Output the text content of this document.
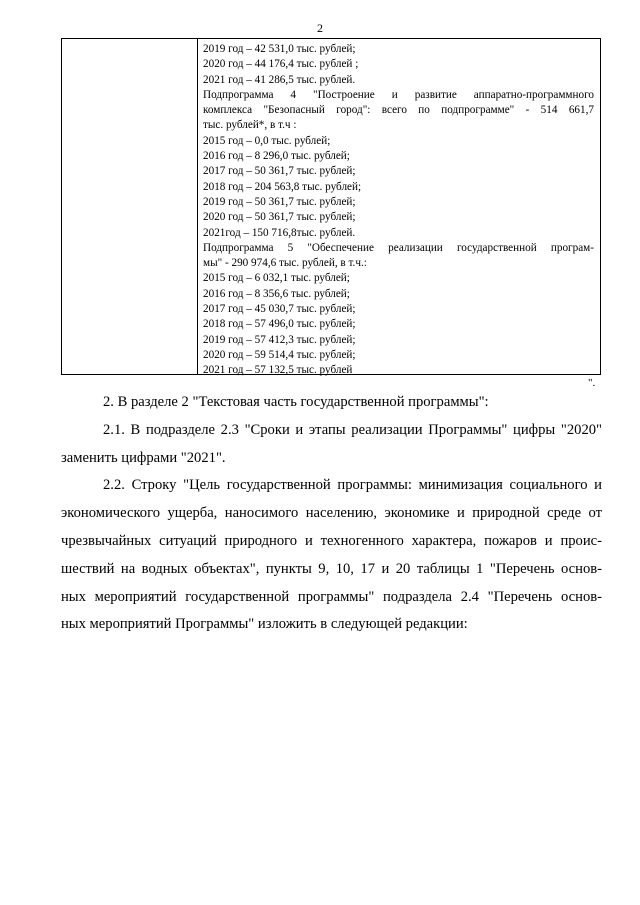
2
2019 год – 42 531,0 тыс. рублей;
2020 год – 44 176,4 тыс. рублей ;
2021 год – 41 286,5 тыс. рублей.
Подпрограмма 4 "Построение и развитие аппаратно-программного
комплекса "Безопасный город": всего по подпрограмме" - 514 661,7
тыс. рублей*, в т.ч :
2015 год – 0,0 тыс. рублей;
2016 год – 8 296,0 тыс. рублей;
2017 год – 50 361,7 тыс. рублей;
2018 год – 204 563,8 тыс. рублей;
2019 год – 50 361,7 тыс. рублей;
2020 год – 50 361,7 тыс. рублей;
2021год – 150 716,8тыс. рублей.
Подпрограмма 5 "Обеспечение реализации государственной програм-
мы" - 290 974,6 тыс. рублей, в т.ч.:
2015 год – 6 032,1 тыс. рублей;
2016 год – 8 356,6 тыс. рублей;
2017 год – 45 030,7 тыс. рублей;
2018 год – 57 496,0 тыс. рублей;
2019 год – 57 412,3 тыс. рублей;
2020 год – 59 514,4 тыс. рублей;
2021 год – 57 132,5 тыс. рублей
".

2. В разделе 2 "Текстовая часть государственной программы":

2.1. В подразделе 2.3 "Сроки и этапы реализации Программы" цифры "2020"
заменить цифрами "2021".

2.2. Строку "Цель государственной программы: минимизация социального и
экономического ущерба, наносимого населению, экономике и природной среде от
чрезвычайных ситуаций природного и техногенного характера, пожаров и проис-
шествий на водных объектах", пункты 9, 10, 17 и 20 таблицы 1 "Перечень основ-
ных мероприятий государственной программы" подраздела 2.4 "Перечень основ-
ных мероприятий Программы" изложить в следующей редакции:
